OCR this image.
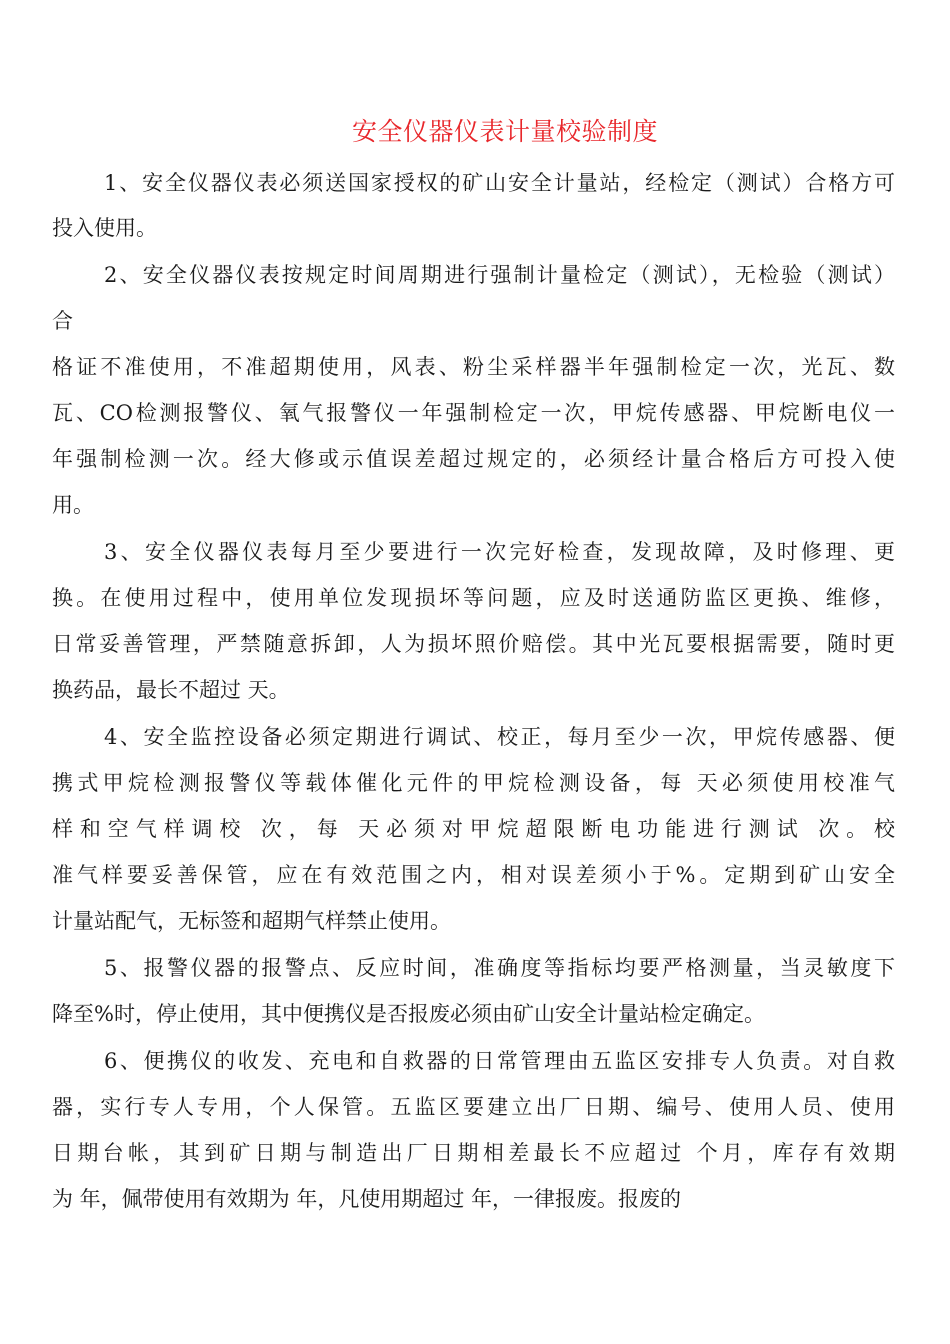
安全仪器仪表计量校验制度
1、安全仪器仪表必须送国家授权的矿山安全计量站，经检定（测试）合格方可
投入使用。
2、安全仪器仪表按规定时间周期进行强制计量检定（测试），无检验（测试）
合
格证不准使用，不准超期使用，风表、粉尘采样器半年强制检定一次，光瓦、数
瓦、CO检测报警仪、氧气报警仪一年强制检定一次，甲烷传感器、甲烷断电仪一
年强制检测一次。经大修或示值误差超过规定的，必须经计量合格后方可投入使
用。
3、安全仪器仪表每月至少要进行一次完好检查，发现故障，及时修理、更
换。在使用过程中，使用单位发现损坏等问题，应及时送通防监区更换、维修，
日常妥善管理，严禁随意拆卸，人为损坏照价赔偿。其中光瓦要根据需要，随时更
换药品，最长不超过 天。
4、安全监控设备必须定期进行调试、校正，每月至少一次，甲烷传感器、便
携式甲烷检测报警仪等载体催化元件的甲烷检测设备，每 天必须使用校准气
样和空气样调校 次，每 天必须对甲烷超限断电功能进行测试 次。校
准气样要妥善保管，应在有效范围之内，相对误差须小于%。定期到矿山安全
计量站配气，无标签和超期气样禁止使用。
5、报警仪器的报警点、反应时间，准确度等指标均要严格测量，当灵敏度下
降至%时，停止使用，其中便携仪是否报废必须由矿山安全计量站检定确定。
6、便携仪的收发、充电和自救器的日常管理由五监区安排专人负责。对自救
器，实行专人专用，个人保管。五监区要建立出厂日期、编号、使用人员、使用
日期台帐，其到矿日期与制造出厂日期相差最长不应超过 个月，库存有效期
为 年，佩带使用有效期为 年，凡使用期超过 年，一律报废。报废的
